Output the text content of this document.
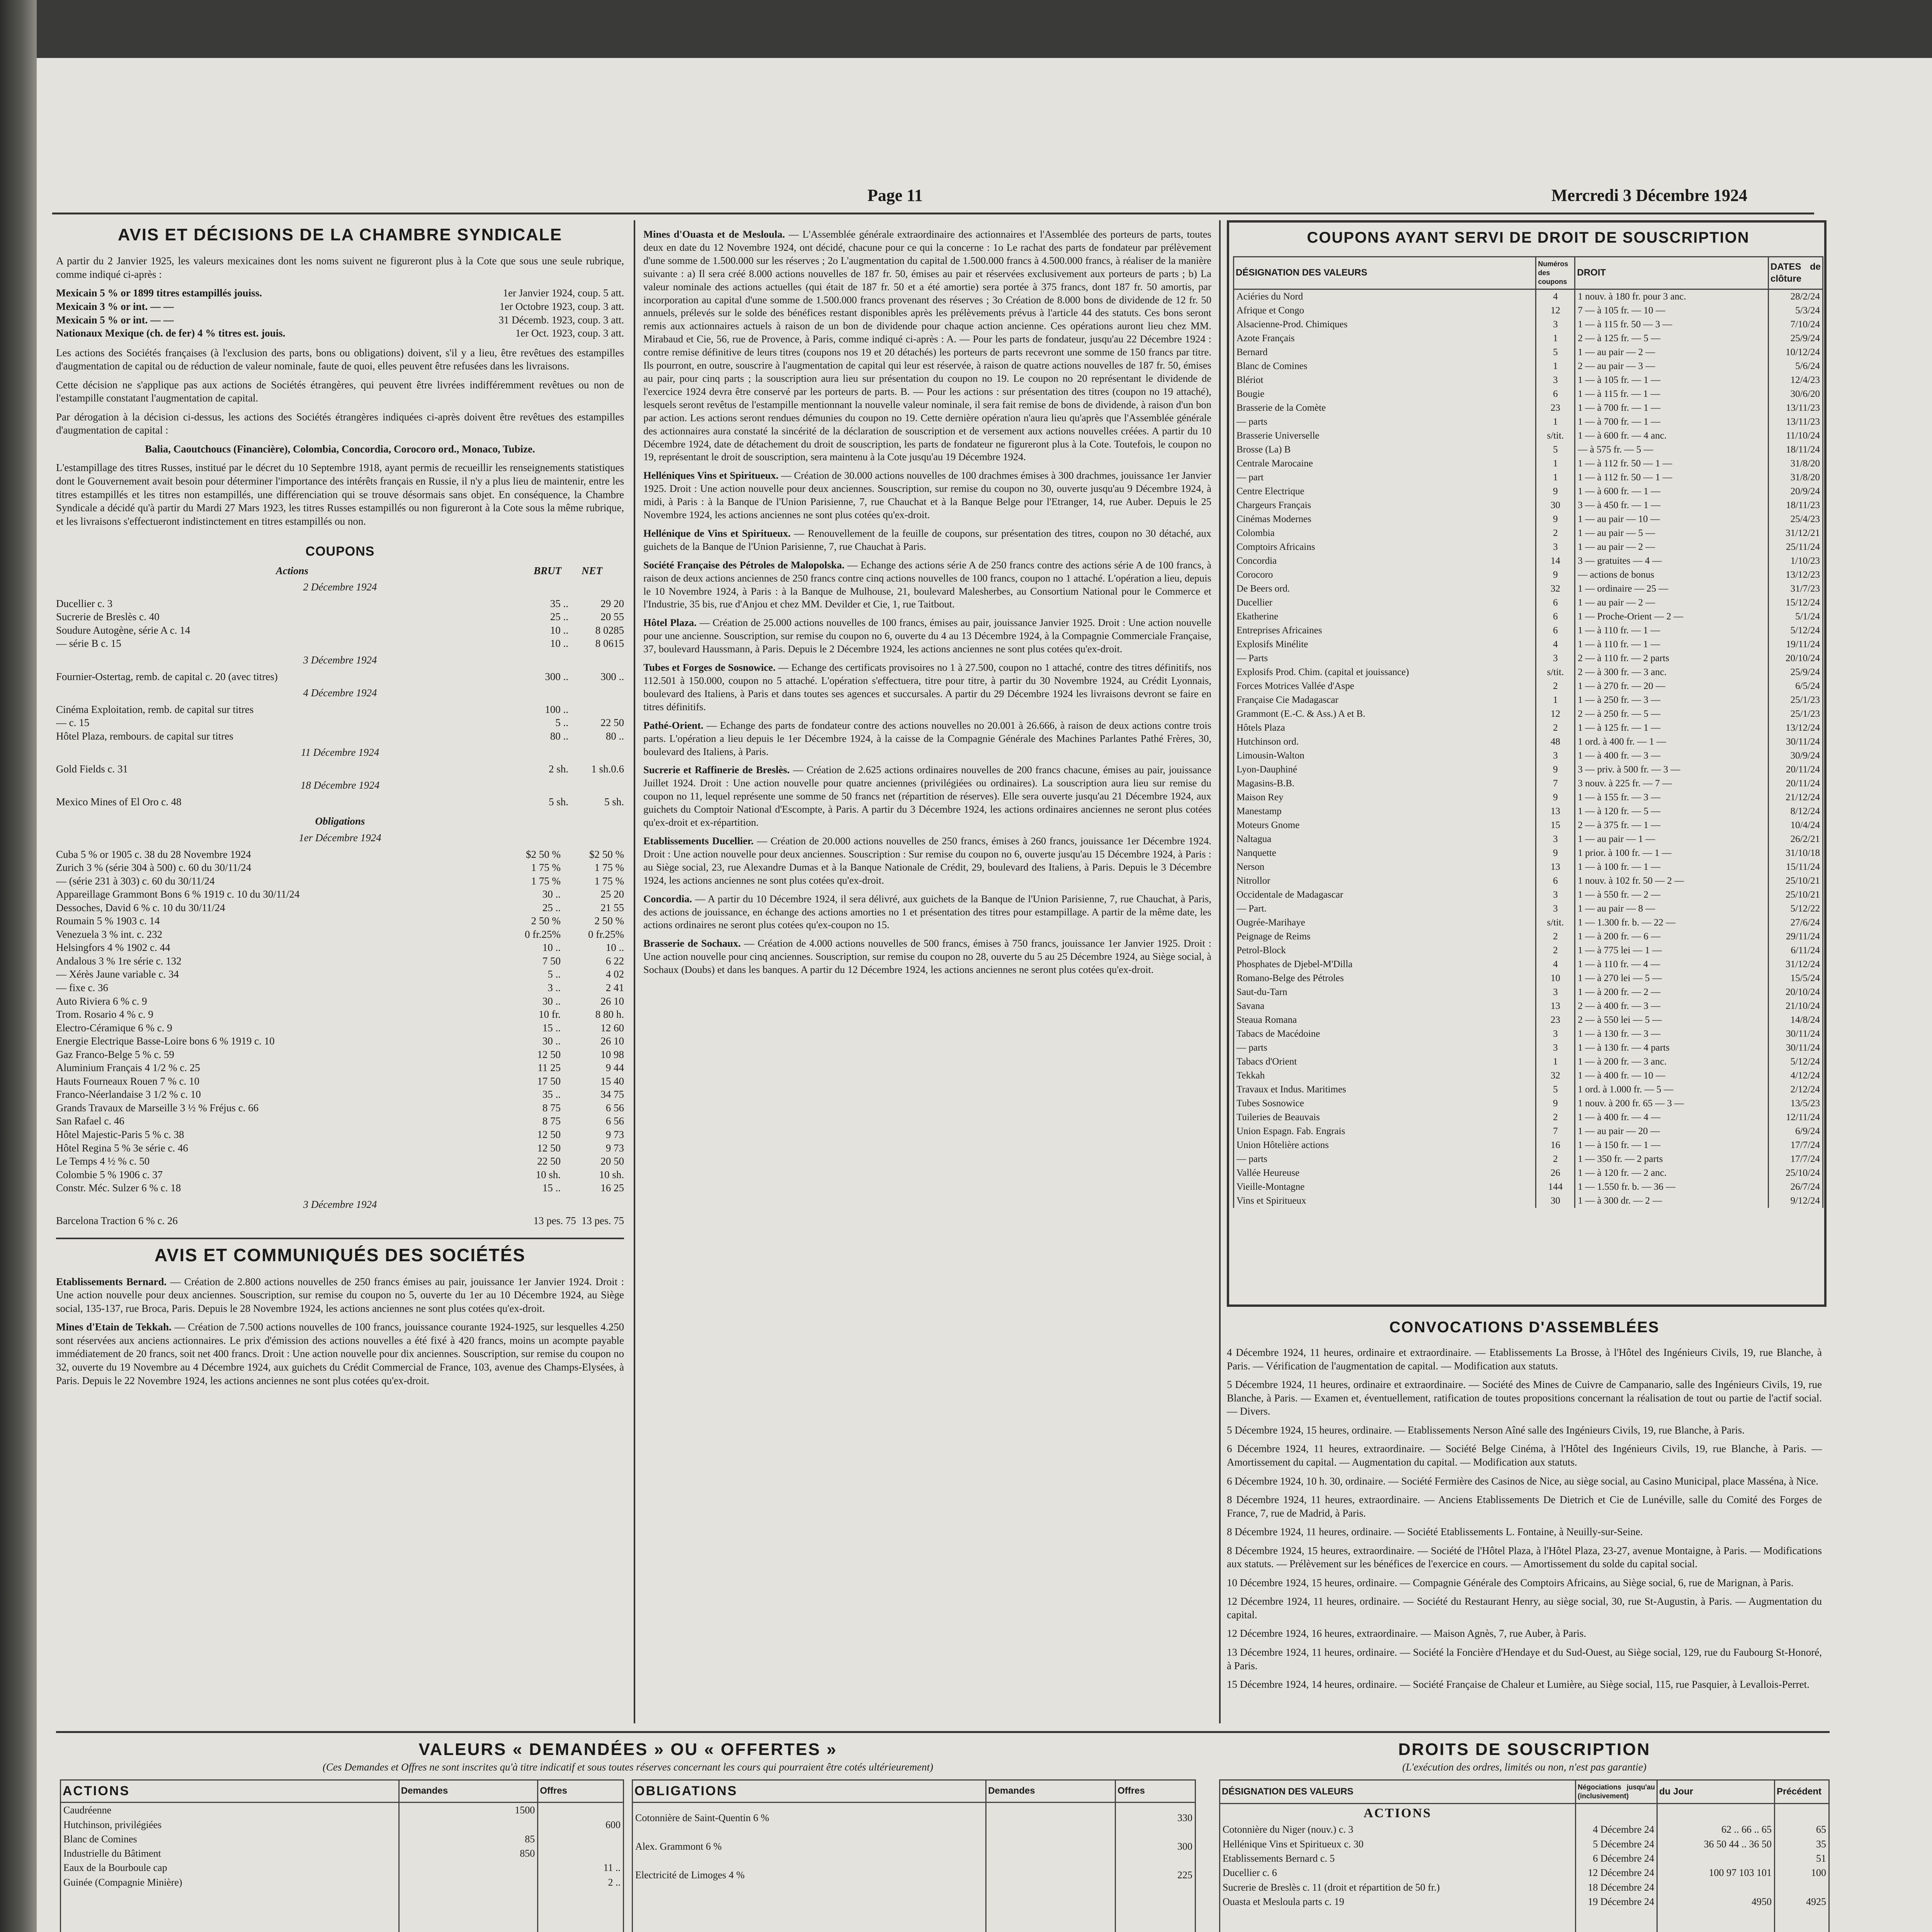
Page 11	Mercredi 3 Décembre 1924
AVIS ET DÉCISIONS DE LA CHAMBRE SYNDICALE

A partir du 2 Janvier 1925, les valeurs mexicaines dont les noms suivent ne figureront plus à la Cote que sous une seule rubrique, comme indiqué ci-après :

Mexicain 5 % or 1899 titres estampillés jouiss.	1er Janvier 1924, coup. 5 att.
Mexicain 3 % or int. — —	1er Octobre 1923, coup. 3 att.
Mexicain 5 % or int. — —	31 Décemb. 1923, coup. 3 att.
Nationaux Mexique (ch. de fer) 4 % titres est. jouis.	1er Oct. 1923, coup. 3 att.

Les actions des Sociétés françaises (à l'exclusion des parts, bons ou obligations) doivent, s'il y a lieu, être revêtues des estampilles d'augmentation de capital ou de réduction de valeur nominale, faute de quoi, elles peuvent être refusées dans les livraisons.

Cette décision ne s'applique pas aux actions de Sociétés étrangères, qui peuvent être livrées indifféremment revêtues ou non de l'estampille constatant l'augmentation de capital.

Par dérogation à la décision ci-dessus, les actions des Sociétés étrangères indiquées ci-après doivent être revêtues des estampilles d'augmentation de capital :

Balia, Caoutchoucs (Financière), Colombia, Concordia, Corocoro ord., Monaco, Tubize.

L'estampillage des titres Russes, institué par le décret du 10 Septembre 1918, ayant permis de recueillir les renseignements statistiques dont le Gouvernement avait besoin pour déterminer l'importance des intérêts français en Russie, il n'y a plus lieu de maintenir, entre les titres estampillés et les titres non estampillés, une différenciation qui se trouve désormais sans objet. En conséquence, la Chambre Syndicale a décidé qu'à partir du Mardi 27 Mars 1923, les titres Russes estampillés ou non figureront à la Cote sous la même rubrique, et les livraisons s'effectueront indistinctement en titres estampillés ou non.

COUPONS
Actions	BRUT	NET
2 Décembre 1924
Ducellier c. 3	35 ..	29 20
Sucrerie de Breslès c. 40	25 ..	20 55
Soudure Autogène, série A c. 14	10 ..	8 0285
— série B c. 15	10 ..	8 0615
3 Décembre 1924
Fournier-Ostertag, remb. de capital c. 20 (avec titres)	300 ..	300 ..
4 Décembre 1924
Cinéma Exploitation, remb. de capital sur titres	100 ..
— c. 15	5 ..	22 50
Hôtel Plaza, rembours. de capital sur titres	80 ..	80 ..
11 Décembre 1924
Gold Fields c. 31	2 sh.	1 sh.0.6
18 Décembre 1924
Mexico Mines of El Oro c. 48	5 sh.	5 sh.
Obligations
1er Décembre 1924
Cuba 5 % or 1905 c. 38 du 28 Novembre 1924	$2 50 %	$2 50 %
Zurich 3 % (série 304 à 500) c. 60 du 30/11/24	1 75 %	1 75 %
— (série 231 à 303) c. 60 du 30/11/24	1 75 %	1 75 %
Appareillage Grammont Bons 6 % 1919 c. 10 du 30/11/24	30 ..	25 20
Dessoches, David 6 % c. 10 du 30/11/24	25 ..	21 55
Roumain 5 % 1903 c. 14	2 50 %	2 50 %
Venezuela 3 % int. c. 232	0 fr.25%	0 fr.25%
Helsingfors 4 % 1902 c. 44	10 ..	10 ..
Andalous 3 % 1re série c. 132	7 50	6 22
— Xérès Jaune variable c. 34	5 ..	4 02
— fixe c. 36	3 ..	2 41
Auto Riviera 6 % c. 9	30 ..	26 10
Trom. Rosario 4 % c. 9	10 fr.	8 80 h.
Electro-Céramique 6 % c. 9	15 ..	12 60
Energie Electrique Basse-Loire bons 6 % 1919 c. 10	30 ..	26 10
Gaz Franco-Belge 5 % c. 59	12 50	10 98
Aluminium Français 4 1/2 % c. 25	11 25	9 44
Hauts Fourneaux Rouen 7 % c. 10	17 50	15 40
Franco-Néerlandaise 3 1/2 % c. 10	35 ..	34 75
Grands Travaux de Marseille 3 ½ % Fréjus c. 66	8 75	6 56
San Rafael c. 46	8 75	6 56
Hôtel Majestic-Paris 5 % c. 38	12 50	9 73
Hôtel Regina 5 % 3e série c. 46	12 50	9 73
Le Temps 4 ½ % c. 50	22 50	20 50
Colombie 5 % 1906 c. 37	10 sh.	10 sh.
Constr. Méc. Sulzer 6 % c. 18	15 ..	16 25
3 Décembre 1924
Barcelona Traction 6 % c. 26	13 pes. 75 13 pes. 75
AVIS ET COMMUNIQUÉS DES SOCIÉTÉS

Etablissements Bernard. — Création de 2.800 actions nouvelles de 250 francs émises au pair, jouissance 1er Janvier 1924. Droit : Une action nouvelle pour deux anciennes. Souscription, sur remise du coupon no 5, ouverte du 1er au 10 Décembre 1924, au Siège social, 135-137, rue Broca, Paris. Depuis le 28 Novembre 1924, les actions anciennes ne sont plus cotées qu'ex-droit.

Mines d'Etain de Tekkah. — Création de 7.500 actions nouvelles de 100 francs, jouissance courante 1924-1925, sur lesquelles 4.250 sont réservées aux anciens actionnaires. Le prix d'émission des actions nouvelles a été fixé à 420 francs, moins un acompte payable immédiatement de 20 francs, soit net 400 francs. Droit : Une action nouvelle pour dix anciennes. Souscription, sur remise du coupon no 32, ouverte du 19 Novembre au 4 Décembre 1924, aux guichets du Crédit Commercial de France, 103, avenue des Champs-Elysées, à Paris. Depuis le 22 Novembre 1924, les actions anciennes ne sont plus cotées qu'ex-droit.

Mines d'Ouasta et de Mesloula. — L'Assemblée générale extraordinaire des actionnaires et l'Assemblée des porteurs de parts, toutes deux en date du 12 Novembre 1924, ont décidé, chacune pour ce qui la concerne : 1o Le rachat des parts de fondateur par prélèvement d'une somme de 1.500.000 sur les réserves ; 2o L'augmentation du capital de 1.500.000 francs à 4.500.000 francs, à réaliser de la manière suivante : a) Il sera créé 8.000 actions nouvelles de 187 fr. 50, émises au pair et réservées exclusivement aux porteurs de parts ; b) La valeur nominale des actions actuelles (qui était de 187 fr. 50 et a été amortie) sera portée à 375 francs, dont 187 fr. 50 amortis, par incorporation au capital d'une somme de 1.500.000 francs provenant des réserves ; 3o Création de 8.000 bons de dividende de 12 fr. 50 annuels, prélevés sur le solde des bénéfices restant disponibles après les prélèvements prévus à l'article 44 des statuts. Ces bons seront remis aux actionnaires actuels à raison de un bon de dividende pour chaque action ancienne. Ces opérations auront lieu chez MM. Mirabaud et Cie, 56, rue de Provence, à Paris, comme indiqué ci-après : A. — Pour les parts de fondateur, jusqu'au 22 Décembre 1924 : contre remise définitive de leurs titres (coupons nos 19 et 20 détachés) les porteurs de parts recevront une somme de 150 francs par titre. Ils pourront, en outre, souscrire à l'augmentation de capital qui leur est réservée, à raison de quatre actions nouvelles de 187 fr. 50, émises au pair, pour cinq parts ; la souscription aura lieu sur présentation du coupon no 19. Le coupon no 20 représentant le dividende de l'exercice 1924 devra être conservé par les porteurs de parts. B. — Pour les actions : sur présentation des titres (coupon no 19 attaché), lesquels seront revêtus de l'estampille mentionnant la nouvelle valeur nominale, il sera fait remise de bons de dividende, à raison d'un bon par action. Les actions seront rendues démunies du coupon no 19. Cette dernière opération n'aura lieu qu'après que l'Assemblée générale des actionnaires aura constaté la sincérité de la déclaration de souscription et de versement aux actions nouvelles créées. A partir du 10 Décembre 1924, date de détachement du droit de souscription, les parts de fondateur ne figureront plus à la Cote. Toutefois, le coupon no 19, représentant le droit de souscription, sera maintenu à la Cote jusqu'au 19 Décembre 1924.

Helléniques Vins et Spiritueux. — Création de 30.000 actions nouvelles de 100 drachmes émises à 300 drachmes, jouissance 1er Janvier 1925. Droit : Une action nouvelle pour deux anciennes. Souscription, sur remise du coupon no 30, ouverte jusqu'au 9 Décembre 1924, à midi, à Paris : à la Banque de l'Union Parisienne, 7, rue Chauchat et à la Banque Belge pour l'Etranger, 14, rue Auber. Depuis le 25 Novembre 1924, les actions anciennes ne sont plus cotées qu'ex-droit.

Hellénique de Vins et Spiritueux. — Renouvellement de la feuille de coupons, sur présentation des titres, coupon no 30 détaché, aux guichets de la Banque de l'Union Parisienne, 7, rue Chauchat à Paris.

Société Française des Pétroles de Malopolska. — Echange des actions série A de 250 francs contre des actions série A de 100 francs, à raison de deux actions anciennes de 250 francs contre cinq actions nouvelles de 100 francs, coupon no 1 attaché. L'opération a lieu, depuis le 10 Novembre 1924, à Paris : à la Banque de Mulhouse, 21, boulevard Malesherbes, au Consortium National pour le Commerce et l'Industrie, 35 bis, rue d'Anjou et chez MM. Devilder et Cie, 1, rue Taitbout.

Hôtel Plaza. — Création de 25.000 actions nouvelles de 100 francs, émises au pair, jouissance Janvier 1925. Droit : Une action nouvelle pour une ancienne. Souscription, sur remise du coupon no 6, ouverte du 4 au 13 Décembre 1924, à la Compagnie Commerciale Française, 37, boulevard Haussmann, à Paris. Depuis le 2 Décembre 1924, les actions anciennes ne sont plus cotées qu'ex-droit.

Tubes et Forges de Sosnowice. — Echange des certificats provisoires no 1 à 27.500, coupon no 1 attaché, contre des titres définitifs, nos 112.501 à 150.000, coupon no 5 attaché. L'opération s'effectuera, titre pour titre, à partir du 30 Novembre 1924, au Crédit Lyonnais, boulevard des Italiens, à Paris et dans toutes ses agences et succursales. A partir du 29 Décembre 1924 les livraisons devront se faire en titres définitifs.

Pathé-Orient. — Echange des parts de fondateur contre des actions nouvelles no 20.001 à 26.666, à raison de deux actions contre trois parts. L'opération a lieu depuis le 1er Décembre 1924, à la caisse de la Compagnie Générale des Machines Parlantes Pathé Frères, 30, boulevard des Italiens, à Paris.

Sucrerie et Raffinerie de Breslès. — Création de 2.625 actions ordinaires nouvelles de 200 francs chacune, émises au pair, jouissance Juillet 1924. Droit : Une action nouvelle pour quatre anciennes (privilégiées ou ordinaires). La souscription aura lieu sur remise du coupon no 11, lequel représente une somme de 50 francs net (répartition de réserves). Elle sera ouverte jusqu'au 21 Décembre 1924, aux guichets du Comptoir National d'Escompte, à Paris. A partir du 3 Décembre 1924, les actions ordinaires anciennes ne seront plus cotées qu'ex-droit et ex-répartition.

Etablissements Ducellier. — Création de 20.000 actions nouvelles de 250 francs, émises à 260 francs, jouissance 1er Décembre 1924. Droit : Une action nouvelle pour deux anciennes. Souscription : Sur remise du coupon no 6, ouverte jusqu'au 15 Décembre 1924, à Paris : au Siège social, 23, rue Alexandre Dumas et à la Banque Nationale de Crédit, 29, boulevard des Italiens, à Paris. Depuis le 3 Décembre 1924, les actions anciennes ne sont plus cotées qu'ex-droit.

Concordia. — A partir du 10 Décembre 1924, il sera délivré, aux guichets de la Banque de l'Union Parisienne, 7, rue Chauchat, à Paris, des actions de jouissance, en échange des actions amorties no 1 et présentation des titres pour estampillage. A partir de la même date, les actions ordinaires ne seront plus cotées qu'ex-coupon no 15.

Brasserie de Sochaux. — Création de 4.000 actions nouvelles de 500 francs, émises à 750 francs, jouissance 1er Janvier 1925. Droit : Une action nouvelle pour cinq anciennes. Souscription, sur remise du coupon no 28, ouverte du 5 au 25 Décembre 1924, au Siège social, à Sochaux (Doubs) et dans les banques. A partir du 12 Décembre 1924, les actions anciennes ne seront plus cotées qu'ex-droit.

COUPONS AYANT SERVI DE DROIT DE SOUSCRIPTION
DÉSIGNATION DES VALEURS	Numéros des coupons	DROIT	DATES de clôture
Aciéries du Nord	4	1 nouv. à 180 fr. pour 3 anc.	28/2/24
Afrique et Congo	12	7 — à 105 fr. — 10 —	5/3/24
Alsacienne-Prod. Chimiques	3	1 — à 115 fr. 50 — 3 —	7/10/24
Azote Français	1	2 — à 125 fr. — 5 —	25/9/24
Bernard	5	1 — au pair — 2 —	10/12/24
Blanc de Comines	1	2 — au pair — 3 —	5/6/24
Blériot	3	1 — à 105 fr. — 1 —	12/4/23
Bougie	6	1 — à 115 fr. — 1 —	30/6/20
Brasserie de la Comète	23	1 — à 700 fr. — 1 —	13/11/23
— parts	1	1 — à 700 fr. — 1 —	13/11/23
Brasserie Universelle	s/tit.	1 — à 600 fr. — 4 anc.	11/10/24
Brosse (La) B	5	— à 575 fr. — 5 —	18/11/24
Centrale Marocaine	1	1 — à 112 fr. 50 — 1 —	31/8/20
— part	1	1 — à 112 fr. 50 — 1 —	31/8/20
Centre Electrique	9	1 — à 600 fr. — 1 —	20/9/24
Chargeurs Français	30	3 — à 450 fr. — 1 —	18/11/23
Cinémas Modernes	9	1 — au pair — 10 —	25/4/23
Colombia	2	1 — au pair — 5 —	31/12/21
Comptoirs Africains	3	1 — au pair — 2 —	25/11/24
Concordia	14	3 — gratuites — 4 —	1/10/23
Corocoro	9	— actions de bonus	13/12/23
De Beers ord.	32	1 — ordinaire — 25 —	31/7/23
Ducellier	6	1 — au pair — 2 —	15/12/24
Ekatherine	6	1 — Proche-Orient — 2 —	5/1/24
Entreprises Africaines	6	1 — à 110 fr. — 1 —	5/12/24
Explosifs Minélite	4	1 — à 110 fr. — 1 —	19/11/24
— Parts	3	2 — à 110 fr. — 2 parts	20/10/24
Explosifs Prod. Chim. (capital et jouissance)	s/tit.	2 — à 300 fr. — 3 anc.	25/9/24
Forces Motrices Vallée d'Aspe	2	1 — à 270 fr. — 20 —	6/5/24
Française Cie Madagascar	1	1 — à 250 fr. — 3 —	25/1/23
Grammont (E.-C. & Ass.) A et B.	12	2 — à 250 fr. — 5 —	25/1/23
Hôtels Plaza	2	1 — à 125 fr. — 1 —	13/12/24
Hutchinson ord.	48	1 ord. à 400 fr. — 1 —	30/11/24
Limousin-Walton	3	1 — à 400 fr. — 3 —	30/9/24
Lyon-Dauphiné	9	3 — priv. à 500 fr. — 3 —	20/11/24
Magasins-B.B.	7	3 nouv. à 225 fr. — 7 —	20/11/24
Maison Rey	9	1 — à 155 fr. — 3 —	21/12/24
Manestamp	13	1 — à 120 fr. — 5 —	8/12/24
Moteurs Gnome	15	2 — à 375 fr. — 1 —	10/4/24
Naltagua	3	1 — au pair — 1 —	26/2/21
Nanquette	9	1 prior. à 100 fr. — 1 —	31/10/18
Nerson	13	1 — à 100 fr. — 1 —	15/11/24
Nitrollor	6	1 nouv. à 102 fr. 50 — 2 —	25/10/21
Occidentale de Madagascar	3	1 — à 550 fr. — 2 —	25/10/21
— Part.	3	1 — au pair — 8 —	5/12/22
Ougrée-Marihaye	s/tit.	1 — 1.300 fr. b. — 22 —	27/6/24
Peignage de Reims	2	1 — à 200 fr. — 6 —	29/11/24
Petrol-Block	2	1 — à 775 lei — 1 —	6/11/24
Phosphates de Djebel-M'Dilla	4	1 — à 110 fr. — 4 —	31/12/24
Romano-Belge des Pétroles	10	1 — à 270 lei — 5 —	15/5/24
Saut-du-Tarn	3	1 — à 200 fr. — 2 —	20/10/24
Savana	13	2 — à 400 fr. — 3 —	21/10/24
Steaua Romana	23	2 — à 550 lei — 5 —	14/8/24
Tabacs de Macédoine	3	1 — à 130 fr. — 3 —	30/11/24
— parts	3	1 — à 130 fr. — 4 parts	30/11/24
Tabacs d'Orient	1	1 — à 200 fr. — 3 anc.	5/12/24
Tekkah	32	1 — à 400 fr. — 10 —	4/12/24
Travaux et Indus. Maritimes	5	1 ord. à 1.000 fr. — 5 —	2/12/24
Tubes Sosnowice	9	1 nouv. à 200 fr. 65 — 3 —	13/5/23
Tuileries de Beauvais	2	1 — à 400 fr. — 4 —	12/11/24
Union Espagn. Fab. Engrais	7	1 — au pair — 20 —	6/9/24
Union Hôtelière actions	16	1 — à 150 fr. — 1 —	17/7/24
— parts	2	1 — 350 fr. — 2 parts	17/7/24
Vallée Heureuse	26	1 — à 120 fr. — 2 anc.	25/10/24
Vieille-Montagne	144	1 — 1.550 fr. b. — 36 —	26/7/24
Vins et Spiritueux	30	1 — à 300 dr. — 2 —	9/12/24
CONVOCATIONS D'ASSEMBLÉES

4 Décembre 1924, 11 heures, ordinaire et extraordinaire. — Etablissements La Brosse, à l'Hôtel des Ingénieurs Civils, 19, rue Blanche, à Paris. — Vérification de l'augmentation de capital. — Modification aux statuts.

5 Décembre 1924, 11 heures, ordinaire et extraordinaire. — Société des Mines de Cuivre de Campanario, salle des Ingénieurs Civils, 19, rue Blanche, à Paris. — Examen et, éventuellement, ratification de toutes propositions concernant la réalisation de tout ou partie de l'actif social. — Divers.

5 Décembre 1924, 15 heures, ordinaire. — Etablissements Nerson Aîné salle des Ingénieurs Civils, 19, rue Blanche, à Paris.

6 Décembre 1924, 11 heures, extraordinaire. — Société Belge Cinéma, à l'Hôtel des Ingénieurs Civils, 19, rue Blanche, à Paris. — Amortissement du capital. — Augmentation du capital. — Modification aux statuts.

6 Décembre 1924, 10 h. 30, ordinaire. — Société Fermière des Casinos de Nice, au siège social, au Casino Municipal, place Masséna, à Nice.

8 Décembre 1924, 11 heures, extraordinaire. — Anciens Etablissements De Dietrich et Cie de Lunéville, salle du Comité des Forges de France, 7, rue de Madrid, à Paris.

8 Décembre 1924, 11 heures, ordinaire. — Société Etablissements L. Fontaine, à Neuilly-sur-Seine.

8 Décembre 1924, 15 heures, extraordinaire. — Société de l'Hôtel Plaza, à l'Hôtel Plaza, 23-27, avenue Montaigne, à Paris. — Modifications aux statuts. — Prélèvement sur les bénéfices de l'exercice en cours. — Amortissement du solde du capital social.

10 Décembre 1924, 15 heures, ordinaire. — Compagnie Générale des Comptoirs Africains, au Siège social, 6, rue de Marignan, à Paris.

12 Décembre 1924, 11 heures, ordinaire. — Société du Restaurant Henry, au siège social, 30, rue St-Augustin, à Paris. — Augmentation du capital.

12 Décembre 1924, 16 heures, extraordinaire. — Maison Agnès, 7, rue Auber, à Paris.

13 Décembre 1924, 11 heures, ordinaire. — Société la Foncière d'Hendaye et du Sud-Ouest, au Siège social, 129, rue du Faubourg St-Honoré, à Paris.

15 Décembre 1924, 14 heures, ordinaire. — Société Française de Chaleur et Lumière, au Siège social, 115, rue Pasquier, à Levallois-Perret.

VALEURS « DEMANDÉES » OU « OFFERTES »
(Ces Demandes et Offres ne sont inscrites qu'à titre indicatif et sous toutes réserves concernant les cours qui pourraient être cotés ultérieurement)
ACTIONS	Demandes	Offres
Caudréenne	1500	
Hutchinson, privilégiées		600
Blanc de Comines	85	
Industrielle du Bâtiment	850	
Eaux de la Bourboule cap		11 ..
Guinée (Compagnie Minière)		2 ..

OBLIGATIONS	Demandes	Offres
Cotonnière de Saint-Quentin 6 %		330
Alex. Grammont 6 %		300
Electricité de Limoges 4 %		225

DROITS DE SOUSCRIPTION
(L'exécution des ordres, limités ou non, n'est pas garantie)
DÉSIGNATION DES VALEURS	Négociations jusqu'au (inclusivement)	du Jour	Précédent
ACTIONS			
Cotonnière du Niger (nouv.) c. 3	4 Décembre 24	62 .. 66 .. 65	65
Hellénique Vins et Spiritueux c. 30	5 Décembre 24	36 50 44 .. 36 50	35
Etablissements Bernard c. 5	6 Décembre 24		51
Ducellier c. 6	12 Décembre 24	100 97 103 101	100
Sucrerie de Breslès c. 11 (droit et répartition de 50 fr.)	18 Décembre 24		
Ouasta et Mesloula parts c. 19	19 Décembre 24	4950	4925
